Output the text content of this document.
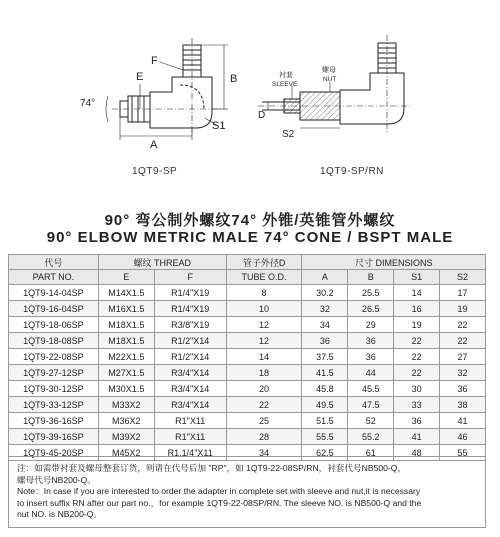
F
B
74°
E
A
S1
衬套
SLEEVE
螺母
NUT
D
S2
1QT9-SP	1QT9-SP/RN
90° 弯公制外螺纹74° 外锥/英锥管外螺纹
90° ELBOW METRIC MALE 74° CONE / BSPT MALE
代号	螺纹 THREAD		管子外径D	尺寸 DIMENSIONS			
PART NO.	E	F	TUBE O.D.	A	B	S1	S2
1QT9-14-04SP	M14X1.5	R1/4"X19	8	30.2	25.5	14	17
1QT9-16-04SP	M16X1.5	R1/4"X19	10	32	26.5	16	19
1QT9-18-06SP	M18X1.5	R3/8"X19	12	34	29	19	22
1QT9-18-08SP	M18X1.5	R1/2"X14	12	36	36	22	22
1QT9-22-08SP	M22X1.5	R1/2"X14	14	37.5	36	22	27
1QT9-27-12SP	M27X1.5	R3/4"X14	18	41.5	44	22	32
1QT9-30-12SP	M30X1.5	R3/4"X14	20	45.8	45.5	30	36
1QT9-33-12SP	M33X2	R3/4"X14	22	49.5	47.5	33	38
1QT9-36-16SP	M36X2	R1"X11	25	51.5	52	36	41
1QT9-39-16SP	M39X2	R1"X11	28	55.5	55.2	41	46
1QT9-45-20SP	M45X2	R1.1/4"X11	34	62.5	61	48	55
注：如需带衬套及螺母整套订货，则请在代号后加 "RP"，如 1QT9-22-08SP/RN，衬套代号NB500-Q，
螺母代号NB200-Q。
Note：In case if you are interested to order the adapter in complete set with sleeve and nut,it is necessary
to insert suffix RN after our part no.，for example 1QT9-22-08SP/RN. The sleeve NO. is NB500-Q and the
nut NO. is NB200-Q。
